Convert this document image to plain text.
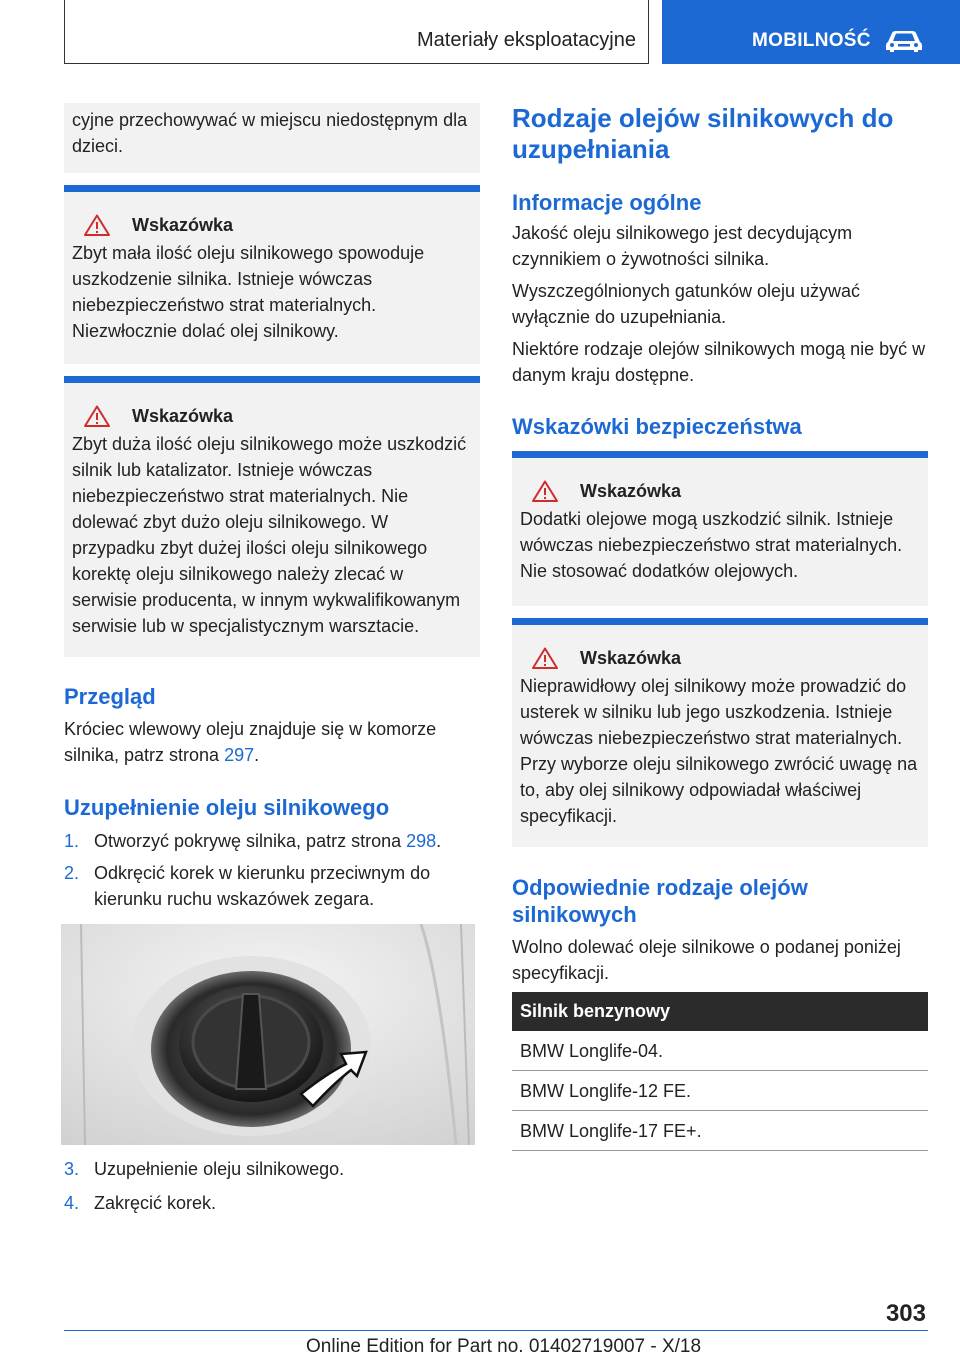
Materiały eksploatacyjne	MOBILNOŚĆ

cyjne przechowywać w miejscu niedostępnym dla dzieci.

Wskazówka

Zbyt mała ilość oleju silnikowego spowoduje uszkodzenie silnika. Istnieje wówczas niebezpieczeństwo strat materialnych. Niezwłocznie dolać olej silnikowy.

Wskazówka

Zbyt duża ilość oleju silnikowego może uszkodzić silnik lub katalizator. Istnieje wówczas niebezpieczeństwo strat materialnych. Nie dolewać zbyt dużo oleju silnikowego. W przypadku zbyt dużej ilości oleju silnikowego korektę oleju silnikowego należy zlecać w serwisie producenta, w innym wykwalifikowanym serwisie lub w specjalistycznym warsztacie.

Przegląd

Króciec wlewowy oleju znajduje się w komorze silnika, patrz strona 297.

Uzupełnienie oleju silnikowego
1. Otworzyć pokrywę silnika, patrz strona 298.
2. Odkręcić korek w kierunku przeciwnym do kierunku ruchu wskazówek zegara.
3. Uzupełnienie oleju silnikowego.
4. Zakręcić korek.
Rodzaje olejów silnikowych do uzupełniania
Informacje ogólne

Jakość oleju silnikowego jest decydującym czynnikiem o żywotności silnika.

Wyszczególnionych gatunków oleju używać wyłącznie do uzupełniania.

Niektóre rodzaje olejów silnikowych mogą nie być w danym kraju dostępne.

Wskazówki bezpieczeństwa
Wskazówka

Dodatki olejowe mogą uszkodzić silnik. Istnieje wówczas niebezpieczeństwo strat materialnych. Nie stosować dodatków olejowych.

Wskazówka

Nieprawidłowy olej silnikowy może prowadzić do usterek w silniku lub jego uszkodzenia. Istnieje wówczas niebezpieczeństwo strat materialnych. Przy wyborze oleju silnikowego zwrócić uwagę na to, aby olej silnikowy odpowiadał właściwej specyfikacji.

Odpowiednie rodzaje olejów silnikowych

Wolno dolewać oleje silnikowe o podanej poniżej specyfikacji.

Silnik benzynowy
BMW Longlife-04.
BMW Longlife-12 FE.
BMW Longlife-17 FE+.
303
Online Edition for Part no. 01402719007 - X/18
